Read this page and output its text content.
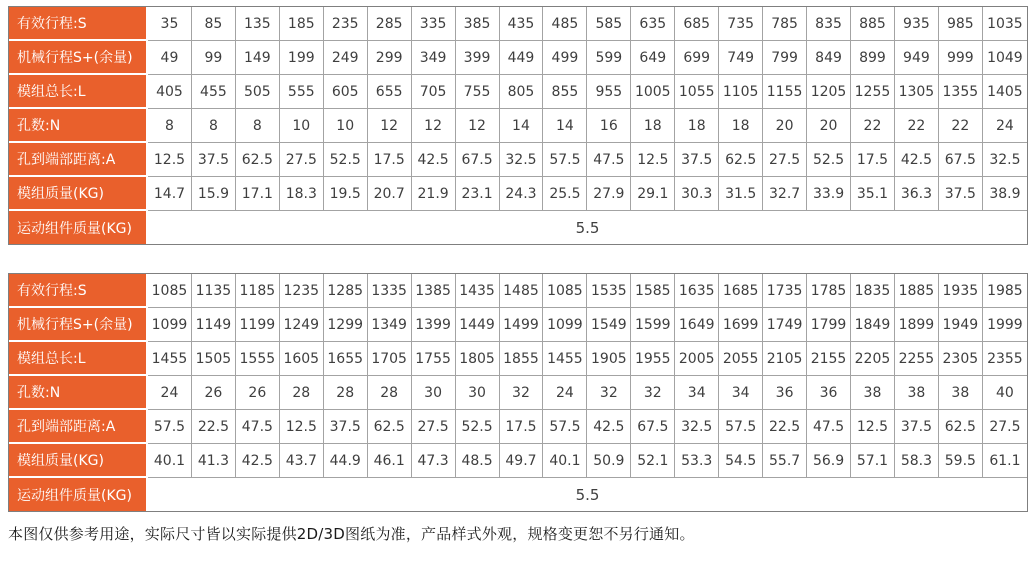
有效行程:S	35	85	135	185	235	285	335	385	435	485	585	635	685	735	785	835	885	935	985	1035
机械行程S+(余量)	49	99	149	199	249	299	349	399	449	499	599	649	699	749	799	849	899	949	999	1049
模组总长:L	405	455	505	555	605	655	705	755	805	855	955	1005	1055	1105	1155	1205	1255	1305	1355	1405
孔数:N	8	8	8	10	10	12	12	12	14	14	16	18	18	18	20	20	22	22	22	24
孔到端部距离:A	12.5	37.5	62.5	27.5	52.5	17.5	42.5	67.5	32.5	57.5	47.5	12.5	37.5	62.5	27.5	52.5	17.5	42.5	67.5	32.5
模组质量(KG)	14.7	15.9	17.1	18.3	19.5	20.7	21.9	23.1	24.3	25.5	27.9	29.1	30.3	31.5	32.7	33.9	35.1	36.3	37.5	38.9
运动组件质量(KG)	5.5																			
有效行程:S	1085	1135	1185	1235	1285	1335	1385	1435	1485	1085	1535	1585	1635	1685	1735	1785	1835	1885	1935	1985
机械行程S+(余量)	1099	1149	1199	1249	1299	1349	1399	1449	1499	1099	1549	1599	1649	1699	1749	1799	1849	1899	1949	1999
模组总长:L	1455	1505	1555	1605	1655	1705	1755	1805	1855	1455	1905	1955	2005	2055	2105	2155	2205	2255	2305	2355
孔数:N	24	26	26	28	28	28	30	30	32	24	32	32	34	34	36	36	38	38	38	40
孔到端部距离:A	57.5	22.5	47.5	12.5	37.5	62.5	27.5	52.5	17.5	57.5	42.5	67.5	32.5	57.5	22.5	47.5	12.5	37.5	62.5	27.5
模组质量(KG)	40.1	41.3	42.5	43.7	44.9	46.1	47.3	48.5	49.7	40.1	50.9	52.1	53.3	54.5	55.7	56.9	57.1	58.3	59.5	61.1
运动组件质量(KG)	5.5																			

本图仅供参考用途，实际尺寸皆以实际提供2D/3D图纸为准，产品样式外观，规格变更恕不另行通知。
